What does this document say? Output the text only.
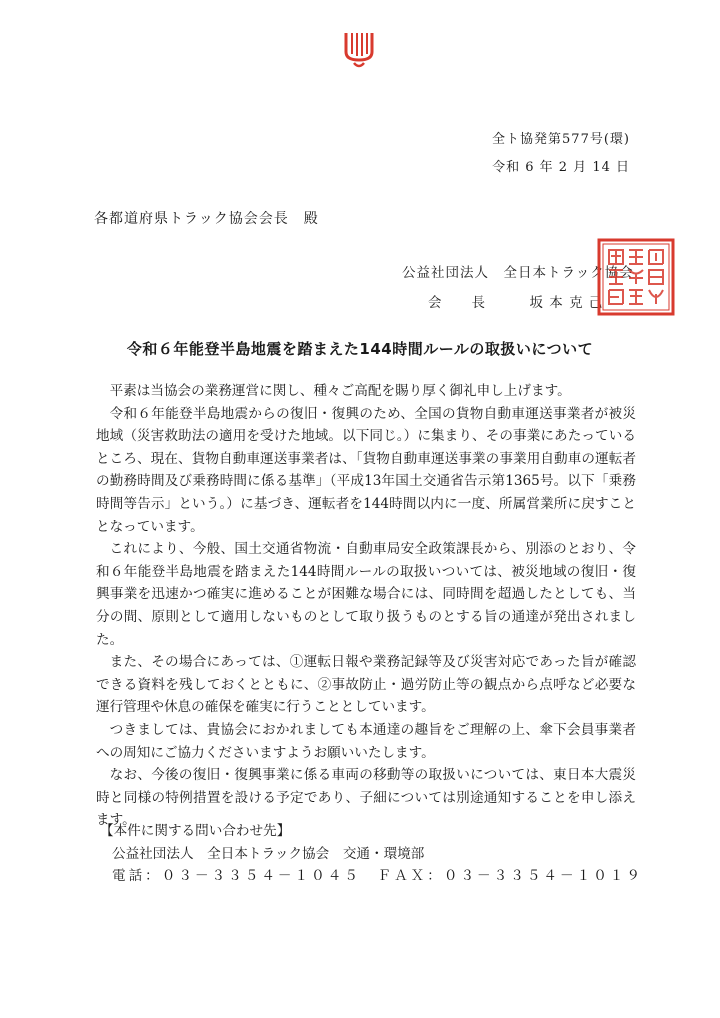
全ト協発第577号(環)
令和 6 年 2 月 14 日
各都道府県トラック協会会長　殿
公益社団法人　全日本トラック協会
会　　長　　　坂 本 克 己
令和６年能登半島地震を踏まえた144時間ルールの取扱いについて

平素は当協会の業務運営に関し、種々ご高配を賜り厚く御礼申し上げます。

令和６年能登半島地震からの復旧・復興のため、全国の貨物自動車運送事業者が被災地域（災害救助法の適用を受けた地域。以下同じ。）に集まり、その事業にあたっているところ、現在、貨物自動車運送事業者は、「貨物自動車運送事業の事業用自動車の運転者の勤務時間及び乗務時間に係る基準」（平成13年国土交通省告示第1365号。以下「乗務時間等告示」という。）に基づき、運転者を144時間以内に一度、所属営業所に戻すこととなっています。

これにより、今般、国土交通省物流・自動車局安全政策課長から、別添のとおり、令和６年能登半島地震を踏まえた144時間ルールの取扱いついては、被災地域の復旧・復興事業を迅速かつ確実に進めることが困難な場合には、同時間を超過したとしても、当分の間、原則として適用しないものとして取り扱うものとする旨の通達が発出されました。

また、その場合にあっては、①運転日報や業務記録等及び災害対応であった旨が確認できる資料を残しておくとともに、②事故防止・過労防止等の観点から点呼など必要な運行管理や休息の確保を確実に行うこととしています。

つきましては、貴協会におかれましても本通達の趣旨をご理解の上、傘下会員事業者への周知にご協力くださいますようお願いいたします。

なお、今後の復旧・復興事業に係る車両の移動等の取扱いについては、東日本大震災時と同様の特例措置を設ける予定であり、子細については別途通知することを申し添えます。

【本件に関する問い合わせ先】
公益社団法人　全日本トラック協会　交通・環境部
電話：０３－３３５４－１０４５　ＦＡＸ：０３－３３５４－１０１９
